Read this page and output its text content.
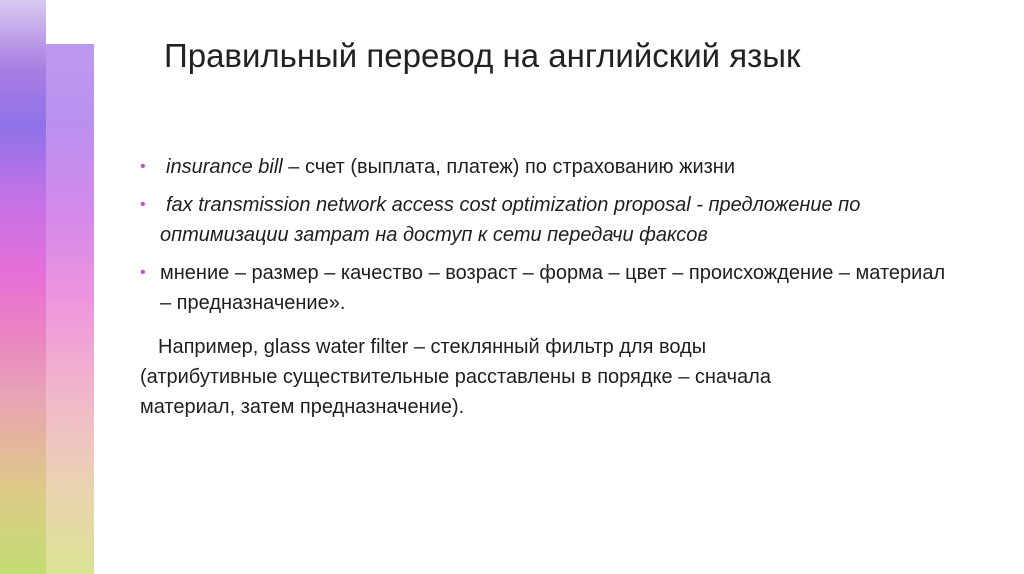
Правильный перевод на английский язык
•	insurance bill – счет (выплата, платеж) по страхованию жизни
•	fax transmission network access cost optimization proposal - предложение по оптимизации затрат на доступ к сети передачи факсов
• мнение – размер – качество – возраст – форма – цвет – происхождение – материал – предназначение».
Например, glass water filter – стеклянный фильтр для воды
(атрибутивные существительные расставлены в порядке – сначала
материал, затем предназначение).
